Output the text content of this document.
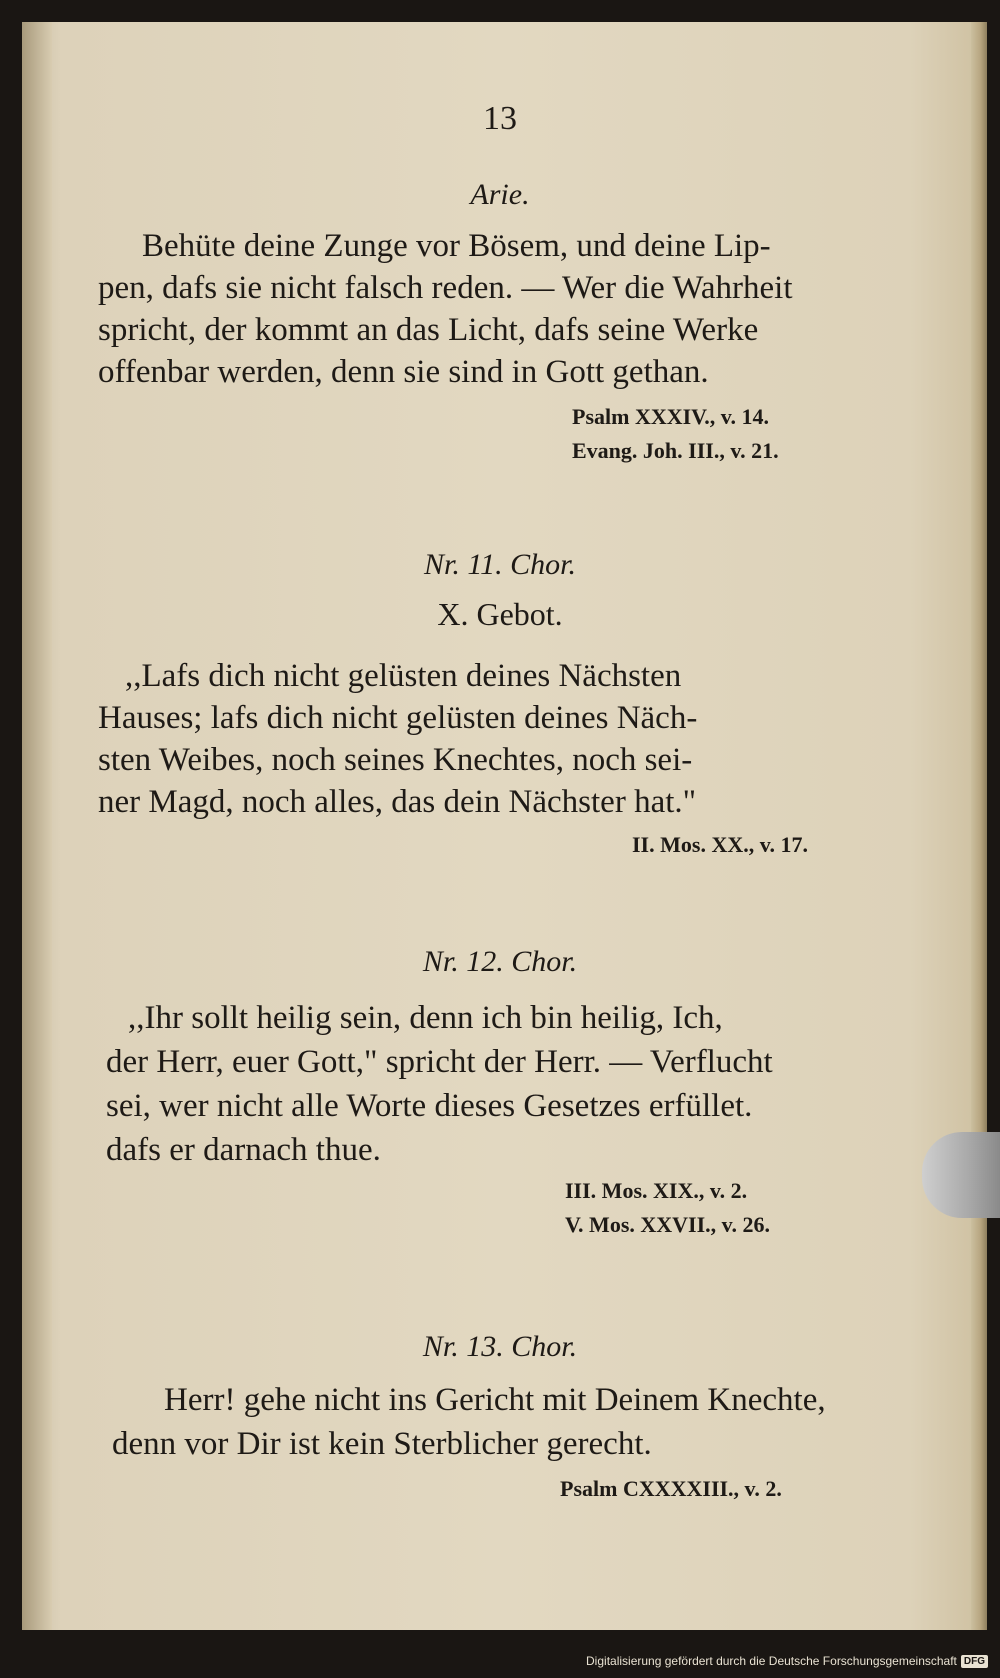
13
Arie.
Behüte deine Zunge vor Bösem, und deine Lip-
pen, dafs sie nicht falsch reden. — Wer die Wahrheit
spricht, der kommt an das Licht, dafs seine Werke
offenbar werden, denn sie sind in Gott gethan.
Psalm XXXIV., v. 14.
Evang. Joh. III., v. 21.
Nr. 11. Chor.
X. Gebot.
,,Lafs dich nicht gelüsten deines Nächsten
Hauses; lafs dich nicht gelüsten deines Näch-
sten Weibes, noch seines Knechtes, noch sei-
ner Magd, noch alles, das dein Nächster hat."
II. Mos. XX., v. 17.
Nr. 12. Chor.
,,Ihr sollt heilig sein, denn ich bin heilig, Ich,
der Herr, euer Gott," spricht der Herr. — Verflucht
sei, wer nicht alle Worte dieses Gesetzes erfüllet.
dafs er darnach thue.
III. Mos. XIX., v. 2.
V. Mos. XXVII., v. 26.
Nr. 13. Chor.
Herr! gehe nicht ins Gericht mit Deinem Knechte,
denn vor Dir ist kein Sterblicher gerecht.
Psalm CXXXXIII., v. 2.
Digitalisierung gefördert durch die Deutsche Forschungsgemeinschaft DFG
